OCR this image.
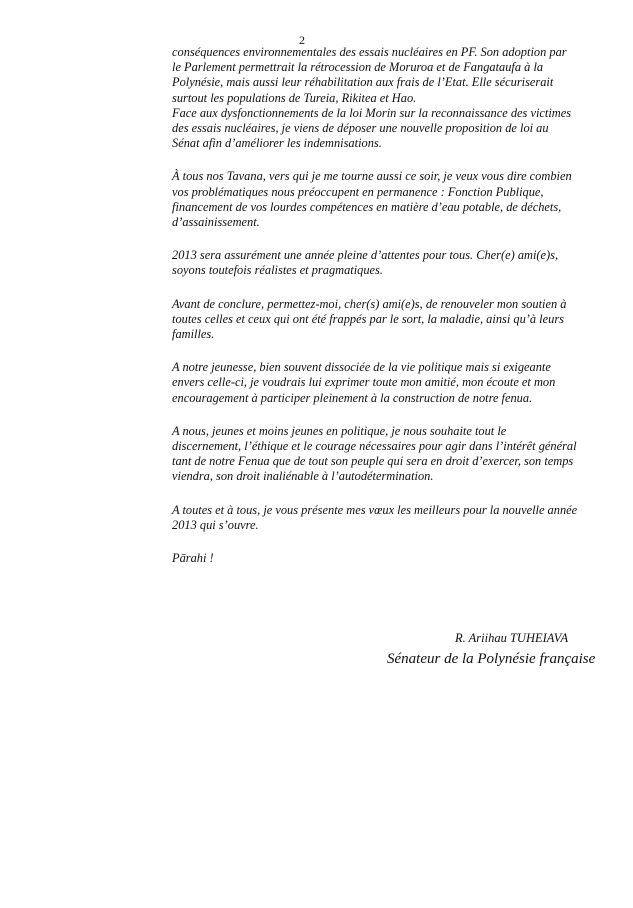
2

conséquences environnementales des essais nucléaires en PF. Son adoption par
le Parlement permettrait la rétrocession de Moruroa et de Fangataufa à la
Polynésie, mais aussi leur réhabilitation aux frais de l’Etat. Elle sécuriserait
surtout les populations de Tureia, Rikitea et Hao.
Face aux dysfonctionnements de la loi Morin sur la reconnaissance des victimes
des essais nucléaires, je viens de déposer une nouvelle proposition de loi au
Sénat afin d’améliorer les indemnisations.

À tous nos Tavana, vers qui je me tourne aussi ce soir, je veux vous dire combien
vos problématiques nous préoccupent en permanence : Fonction Publique,
financement de vos lourdes compétences en matière d’eau potable, de déchets,
d’assainissement.

2013 sera assurément une année pleine d’attentes pour tous. Cher(e) ami(e)s,
soyons toutefois réalistes et pragmatiques.

Avant de conclure, permettez-moi, cher(s) ami(e)s, de renouveler mon soutien à
toutes celles et ceux qui ont été frappés par le sort, la maladie, ainsi qu’à leurs
familles.

A notre jeunesse, bien souvent dissociée de la vie politique mais si exigeante
envers celle-ci, je voudrais lui exprimer toute mon amitié, mon écoute et mon
encouragement à participer pleinement à la construction de notre fenua.

A nous, jeunes et moins jeunes en politique, je nous souhaite tout le
discernement, l’éthique et le courage nécessaires pour agir dans l’intérêt général
tant de notre Fenua que de tout son peuple qui sera en droit d’exercer, son temps
viendra, son droit inaliénable à l’autodétermination.

A toutes et à tous, je vous présente mes vœux les meilleurs pour la nouvelle année
2013 qui s’ouvre.

Pārahi !

R. Ariihau TUHEIAVA
Sénateur de la Polynésie française
